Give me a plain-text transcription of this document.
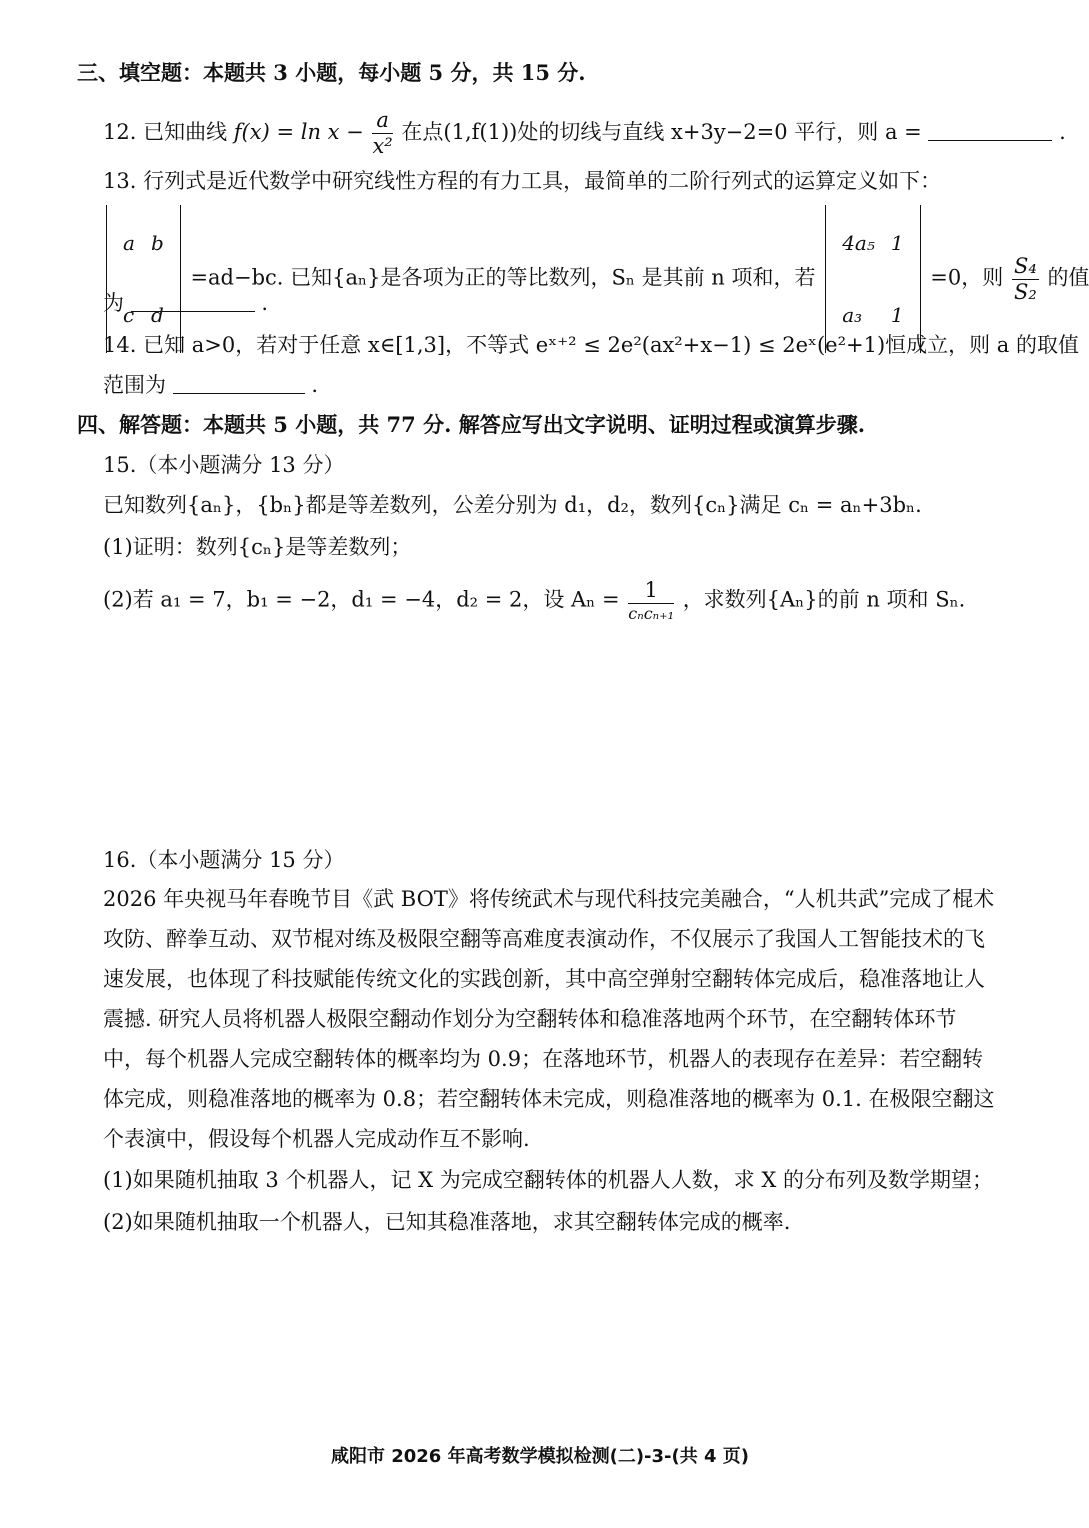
三、填空题：本题共 3 小题，每小题 5 分，共 15 分.
12. 已知曲线 $f(x) = \ln x - \frac{a}{\text{x²}}$ 在点(1,f(1))处的切线与直线 x+3y−2=0 平行，则 a =	.
13. 行列式是近代数学中研究线性方程的有力工具，最简单的二阶行列式的运算定义如下：
a	b
c	d
=ad−bc. 已知{aₙ}是各项为正的等比数列，Sₙ 是其前 n 项和，若
4a₅	1
a₃	1
=0，则 $\frac{\text{S₄}}{\text{S₂}}$ 的值
为	.
14. 已知 a>0，若对于任意 x∈[1,3]，不等式 eˣ⁺² ≤ 2e²(ax²+x−1) ≤ 2eˣ(e²+1)恒成立，则 a 的取值
范围为	.
四、解答题：本题共 5 小题，共 77 分. 解答应写出文字说明、证明过程或演算步骤.
15.（本小题满分 13 分）
已知数列{aₙ}，{bₙ}都是等差数列，公差分别为 d₁，d₂，数列{cₙ}满足 cₙ = aₙ+3bₙ.
(1)证明：数列{cₙ}是等差数列；
(2)若 a₁ = 7，b₁ = −2，d₁ = −4，d₂ = 2，设 $A_n = \frac{1}{\text{cₙcₙ₊₁}}$ ，求数列{Aₙ}的前 n 项和 Sₙ.
16.（本小题满分 15 分）
2026 年央视马年春晚节目《武 BOT》将传统武术与现代科技完美融合，“人机共武”完成了棍术
攻防、醉拳互动、双节棍对练及极限空翻等高难度表演动作，不仅展示了我国人工智能技术的飞
速发展，也体现了科技赋能传统文化的实践创新，其中高空弹射空翻转体完成后，稳准落地让人
震撼. 研究人员将机器人极限空翻动作划分为空翻转体和稳准落地两个环节，在空翻转体环节
中，每个机器人完成空翻转体的概率均为 0.9；在落地环节，机器人的表现存在差异：若空翻转
体完成，则稳准落地的概率为 0.8；若空翻转体未完成，则稳准落地的概率为 0.1. 在极限空翻这
个表演中，假设每个机器人完成动作互不影响.
(1)如果随机抽取 3 个机器人，记 X 为完成空翻转体的机器人人数，求 X 的分布列及数学期望；
(2)如果随机抽取一个机器人，已知其稳准落地，求其空翻转体完成的概率.
咸阳市 2026 年高考数学模拟检测(二)-3-(共 4 页)
